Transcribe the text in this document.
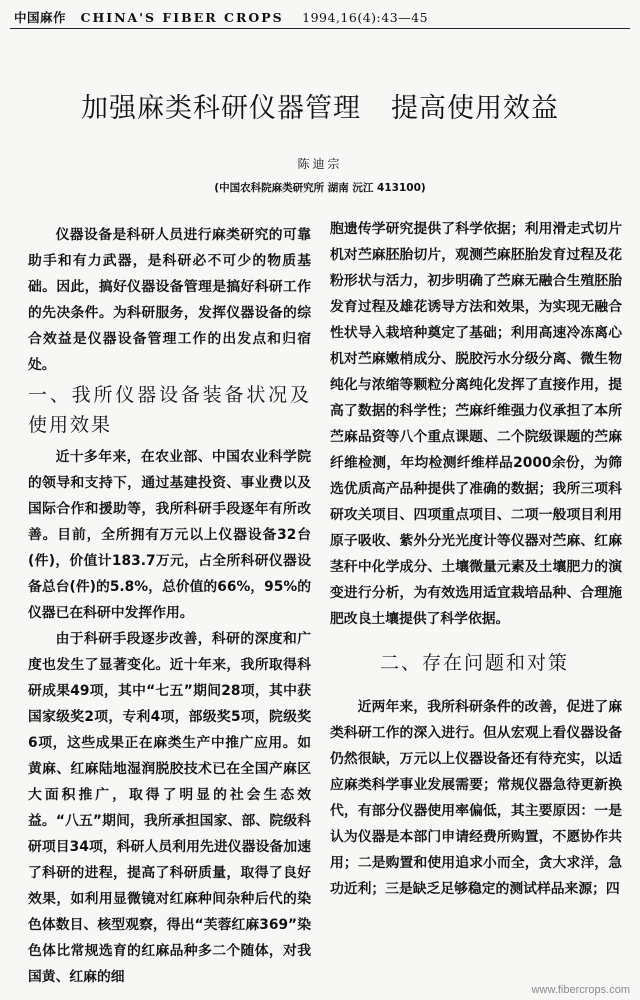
中国麻作 CHINA'S FIBER CROPS 1994,16(4):43—45
加强麻类科研仪器管理 提高使用效益
陈迪宗
(中国农科院麻类研究所 湖南 沅江 413100)

仪器设备是科研人员进行麻类研究的可靠助手和有力武器，是科研必不可少的物质基础。因此，搞好仪器设备管理是搞好科研工作的先决条件。为科研服务，发挥仪器设备的综合效益是仪器设备管理工作的出发点和归宿处。

一、我所仪器设备装备状况及使用效果

近十多年来，在农业部、中国农业科学院的领导和支持下，通过基建投资、事业费以及国际合作和援助等，我所科研手段逐年有所改善。目前，全所拥有万元以上仪器设备32台(件)，价值计183.7万元，占全所科研仪器设备总台(件)的5.8%，总价值的66%，95%的仪器已在科研中发挥作用。

由于科研手段逐步改善，科研的深度和广度也发生了显著变化。近十年来，我所取得科研成果49项，其中“七五”期间28项，其中获国家级奖2项，专利4项，部级奖5项，院级奖6项，这些成果正在麻类生产中推广应用。如黄麻、红麻陆地湿润脱胶技术已在全国产麻区大面积推广，取得了明显的社会生态效益。“八五”期间，我所承担国家、部、院级科研项目34项，科研人员利用先进仪器设备加速了科研的进程，提高了科研质量，取得了良好效果，如利用显微镜对红麻种间杂种后代的染色体数目、核型观察，得出“芙蓉红麻369”染色体比常规选育的红麻品种多二个随体，对我国黄、红麻的细

胞遗传学研究提供了科学依据；利用滑走式切片机对苎麻胚胎切片，观测苎麻胚胎发育过程及花粉形状与活力，初步明确了苎麻无融合生殖胚胎发育过程及雄花诱导方法和效果，为实现无融合性状导入栽培种奠定了基础；利用高速冷冻离心机对苎麻嫩梢成分、脱胶污水分级分离、微生物纯化与浓缩等颗粒分离纯化发挥了直接作用，提高了数据的科学性；苎麻纤维强力仪承担了本所苎麻品资等八个重点课题、二个院级课题的苎麻纤维检测，年均检测纤维样品2000余份，为筛选优质高产品种提供了准确的数据；我所三项科研攻关项目、四项重点项目、二项一般项目利用原子吸收、紫外分光光度计等仪器对苎麻、红麻茎秆中化学成分、土壤微量元素及土壤肥力的演变进行分析，为有效选用适宜栽培品种、合理施肥改良土壤提供了科学依据。

二、存在问题和对策

近两年来，我所科研条件的改善，促进了麻类科研工作的深入进行。但从宏观上看仪器设备仍然很缺，万元以上仪器设备还有待充实，以适应麻类科学事业发展需要；常规仪器急待更新换代，有部分仪器使用率偏低，其主要原因：一是认为仪器是本部门申请经费所购置，不愿协作共用；二是购置和使用追求小而全，贪大求洋，急功近利；三是缺乏足够稳定的测试样品来源；四

www.fibercrops.com
